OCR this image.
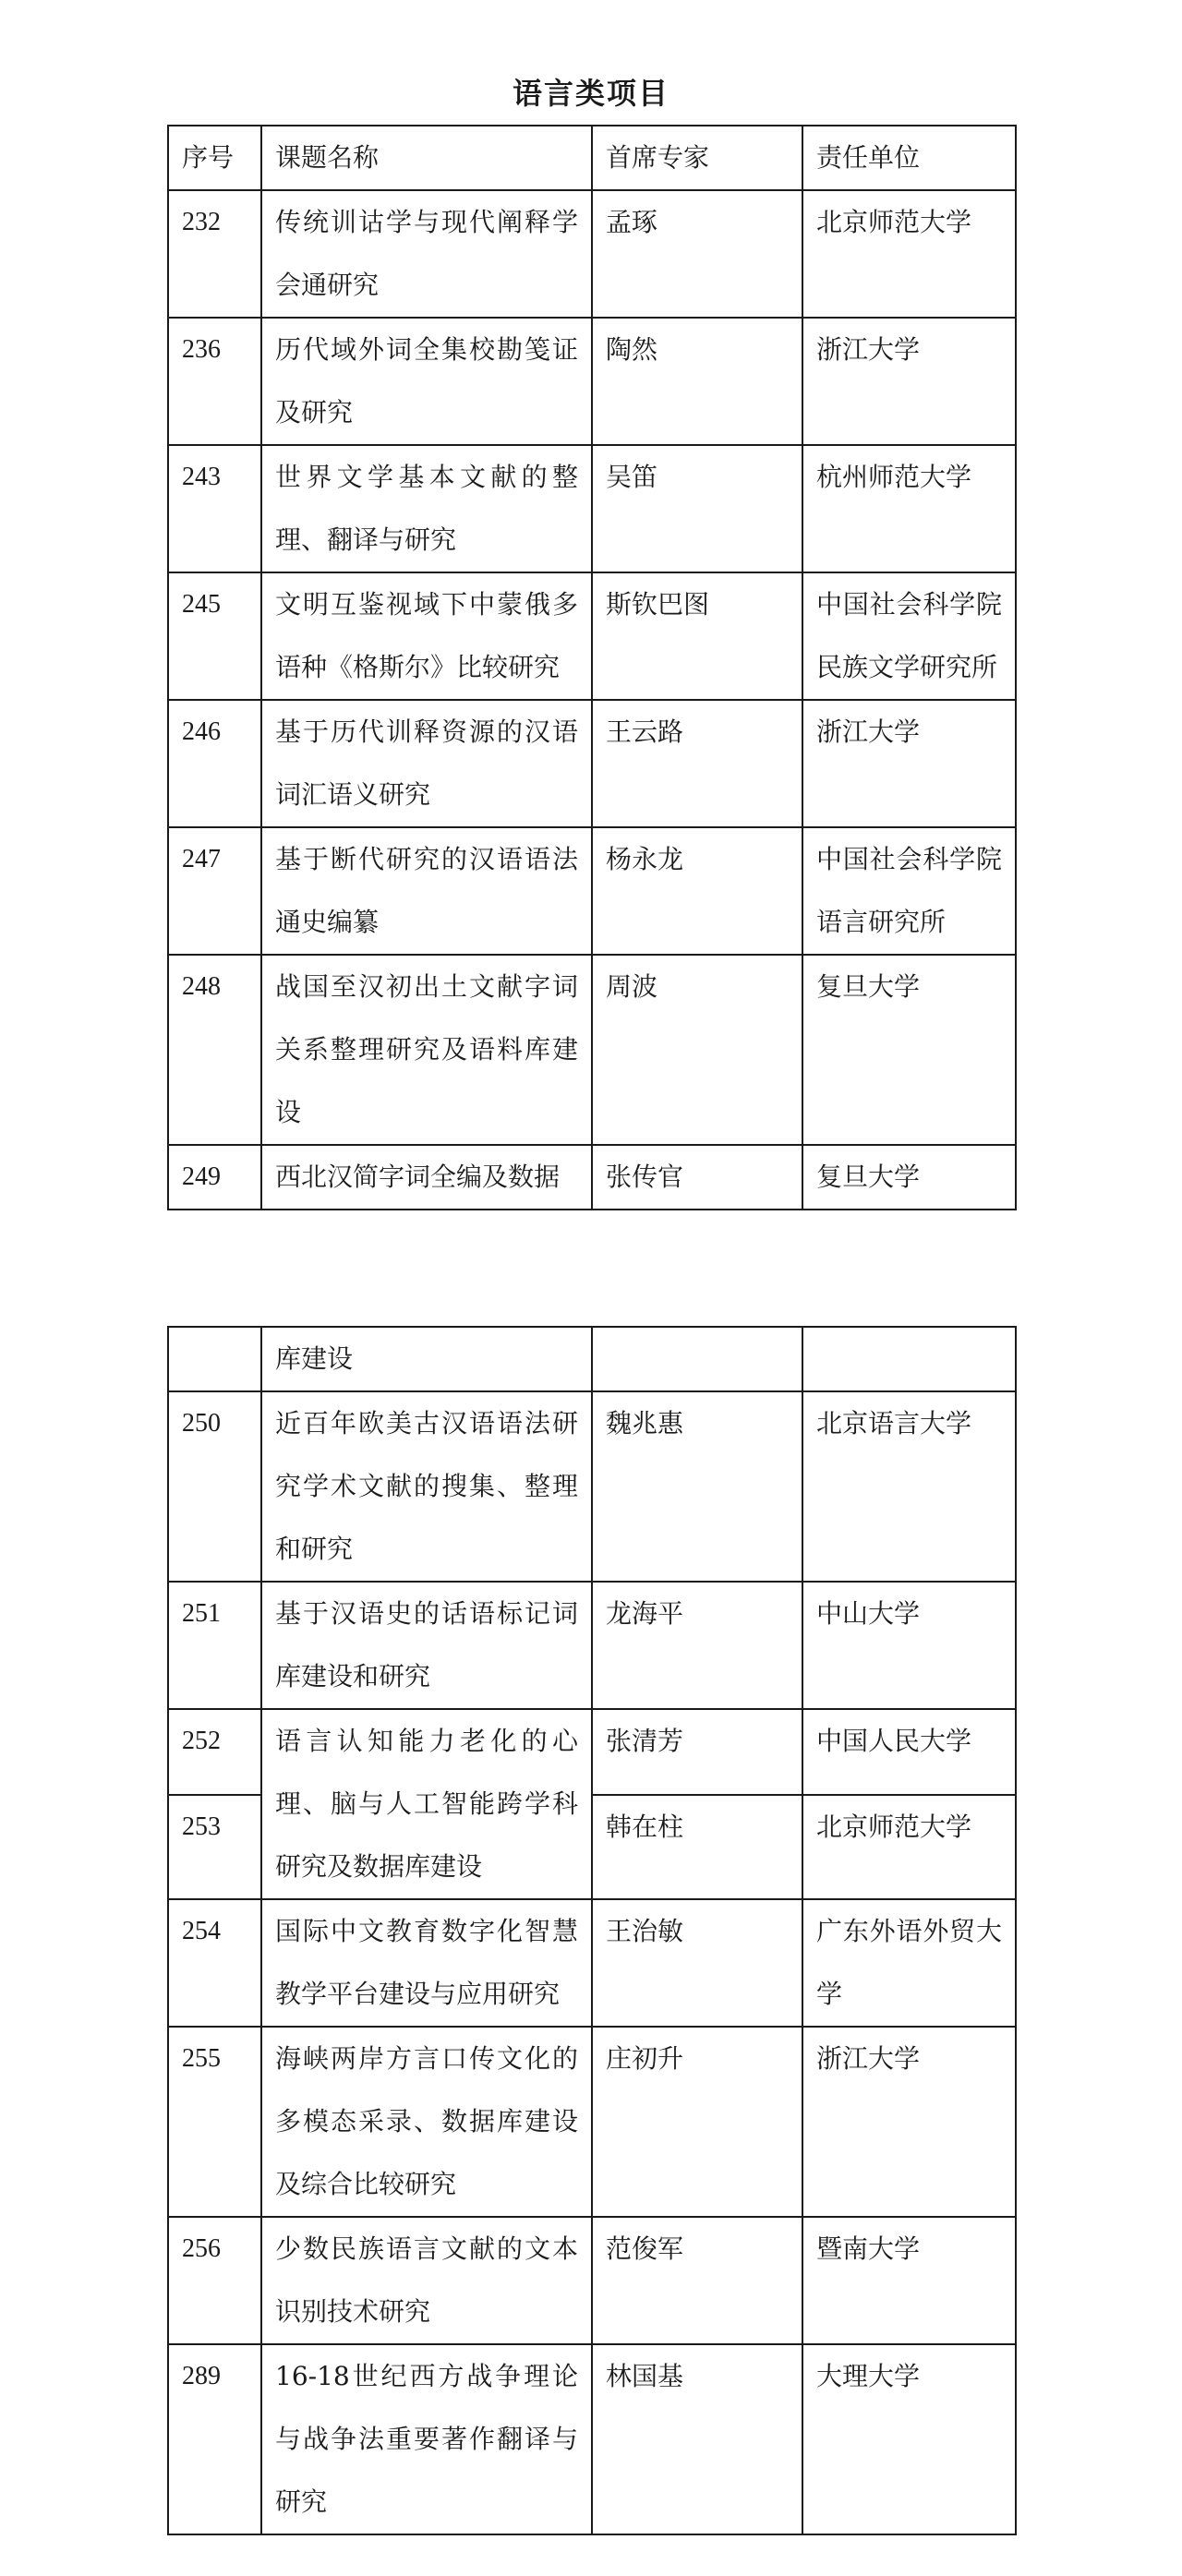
语言类项目
序号	课题名称	首席专家	责任单位
232	传统训诂学与现代阐释学会通研究	孟琢	北京师范大学
236	历代域外词全集校勘笺证及研究	陶然	浙江大学
243	世界文学基本文献的整理、翻译与研究	吴笛	杭州师范大学
245	文明互鉴视域下中蒙俄多语种《格斯尔》比较研究	斯钦巴图	中国社会科学院民族文学研究所
246	基于历代训释资源的汉语词汇语义研究	王云路	浙江大学
247	基于断代研究的汉语语法通史编纂	杨永龙	中国社会科学院语言研究所
248	战国至汉初出土文献字词关系整理研究及语料库建设	周波	复旦大学
249	西北汉简字词全编及数据	张传官	复旦大学
	库建设		
250	近百年欧美古汉语语法研究学术文献的搜集、整理和研究	魏兆惠	北京语言大学
251	基于汉语史的话语标记词库建设和研究	龙海平	中山大学
252	语言认知能力老化的心理、脑与人工智能跨学科研究及数据库建设	张清芳	中国人民大学
253		韩在柱	北京师范大学
254	国际中文教育数字化智慧教学平台建设与应用研究	王治敏	广东外语外贸大学
255	海峡两岸方言口传文化的多模态采录、数据库建设及综合比较研究	庄初升	浙江大学
256	少数民族语言文献的文本识别技术研究	范俊军	暨南大学
289	16-18世纪西方战争理论与战争法重要著作翻译与研究	林国基	大理大学
